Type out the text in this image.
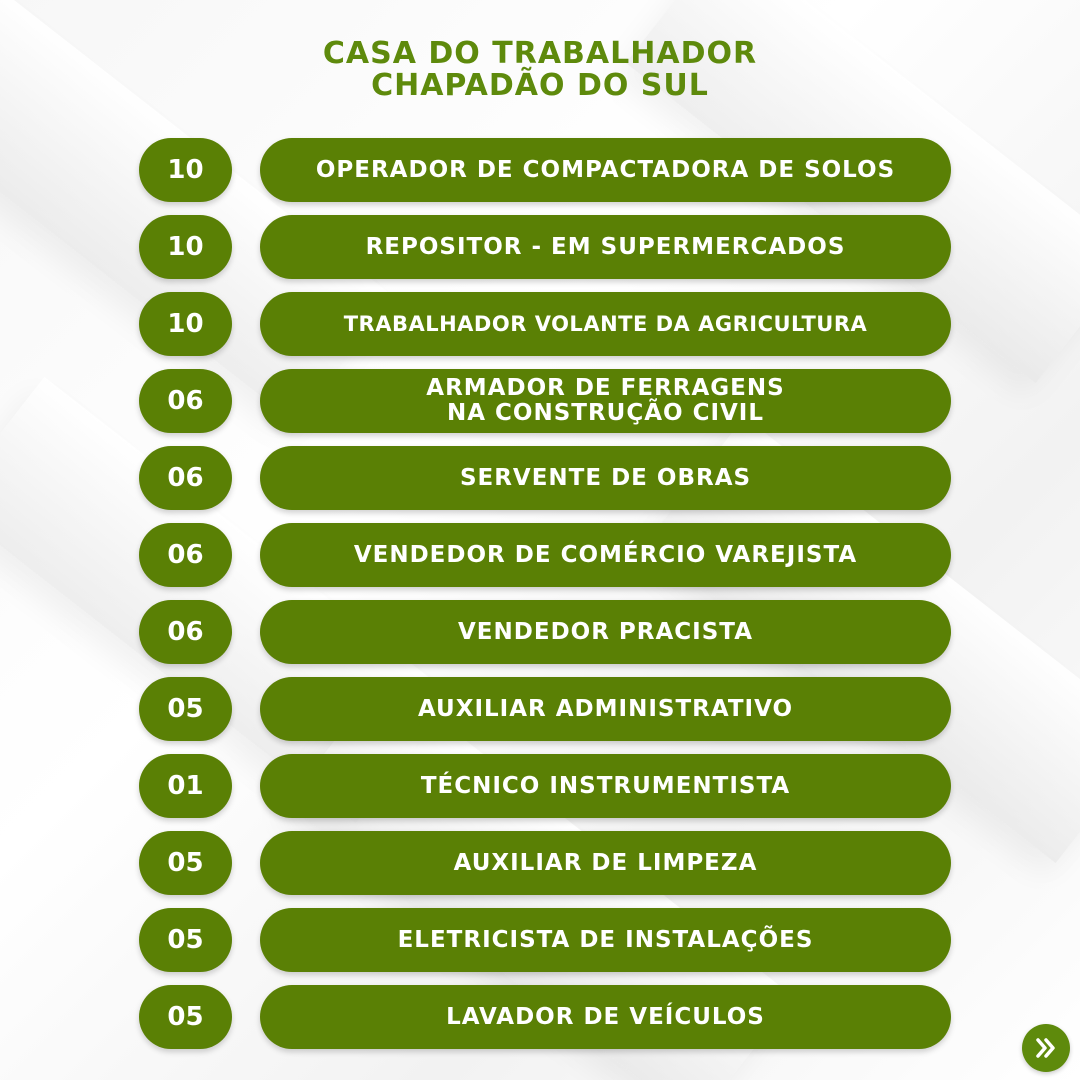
CASA DO TRABALHADOR
CHAPADÃO DO SUL
10	OPERADOR DE COMPACTADORA DE SOLOS
10	REPOSITOR - EM SUPERMERCADOS
10	TRABALHADOR VOLANTE DA AGRICULTURA
06	ARMADOR DE FERRAGENS
NA CONSTRUÇÃO CIVIL
06	SERVENTE DE OBRAS
06	VENDEDOR DE COMÉRCIO VAREJISTA
06	VENDEDOR PRACISTA
05	AUXILIAR ADMINISTRATIVO
01	TÉCNICO INSTRUMENTISTA
05	AUXILIAR DE LIMPEZA
05	ELETRICISTA DE INSTALAÇÕES
05	LAVADOR DE VEÍCULOS
